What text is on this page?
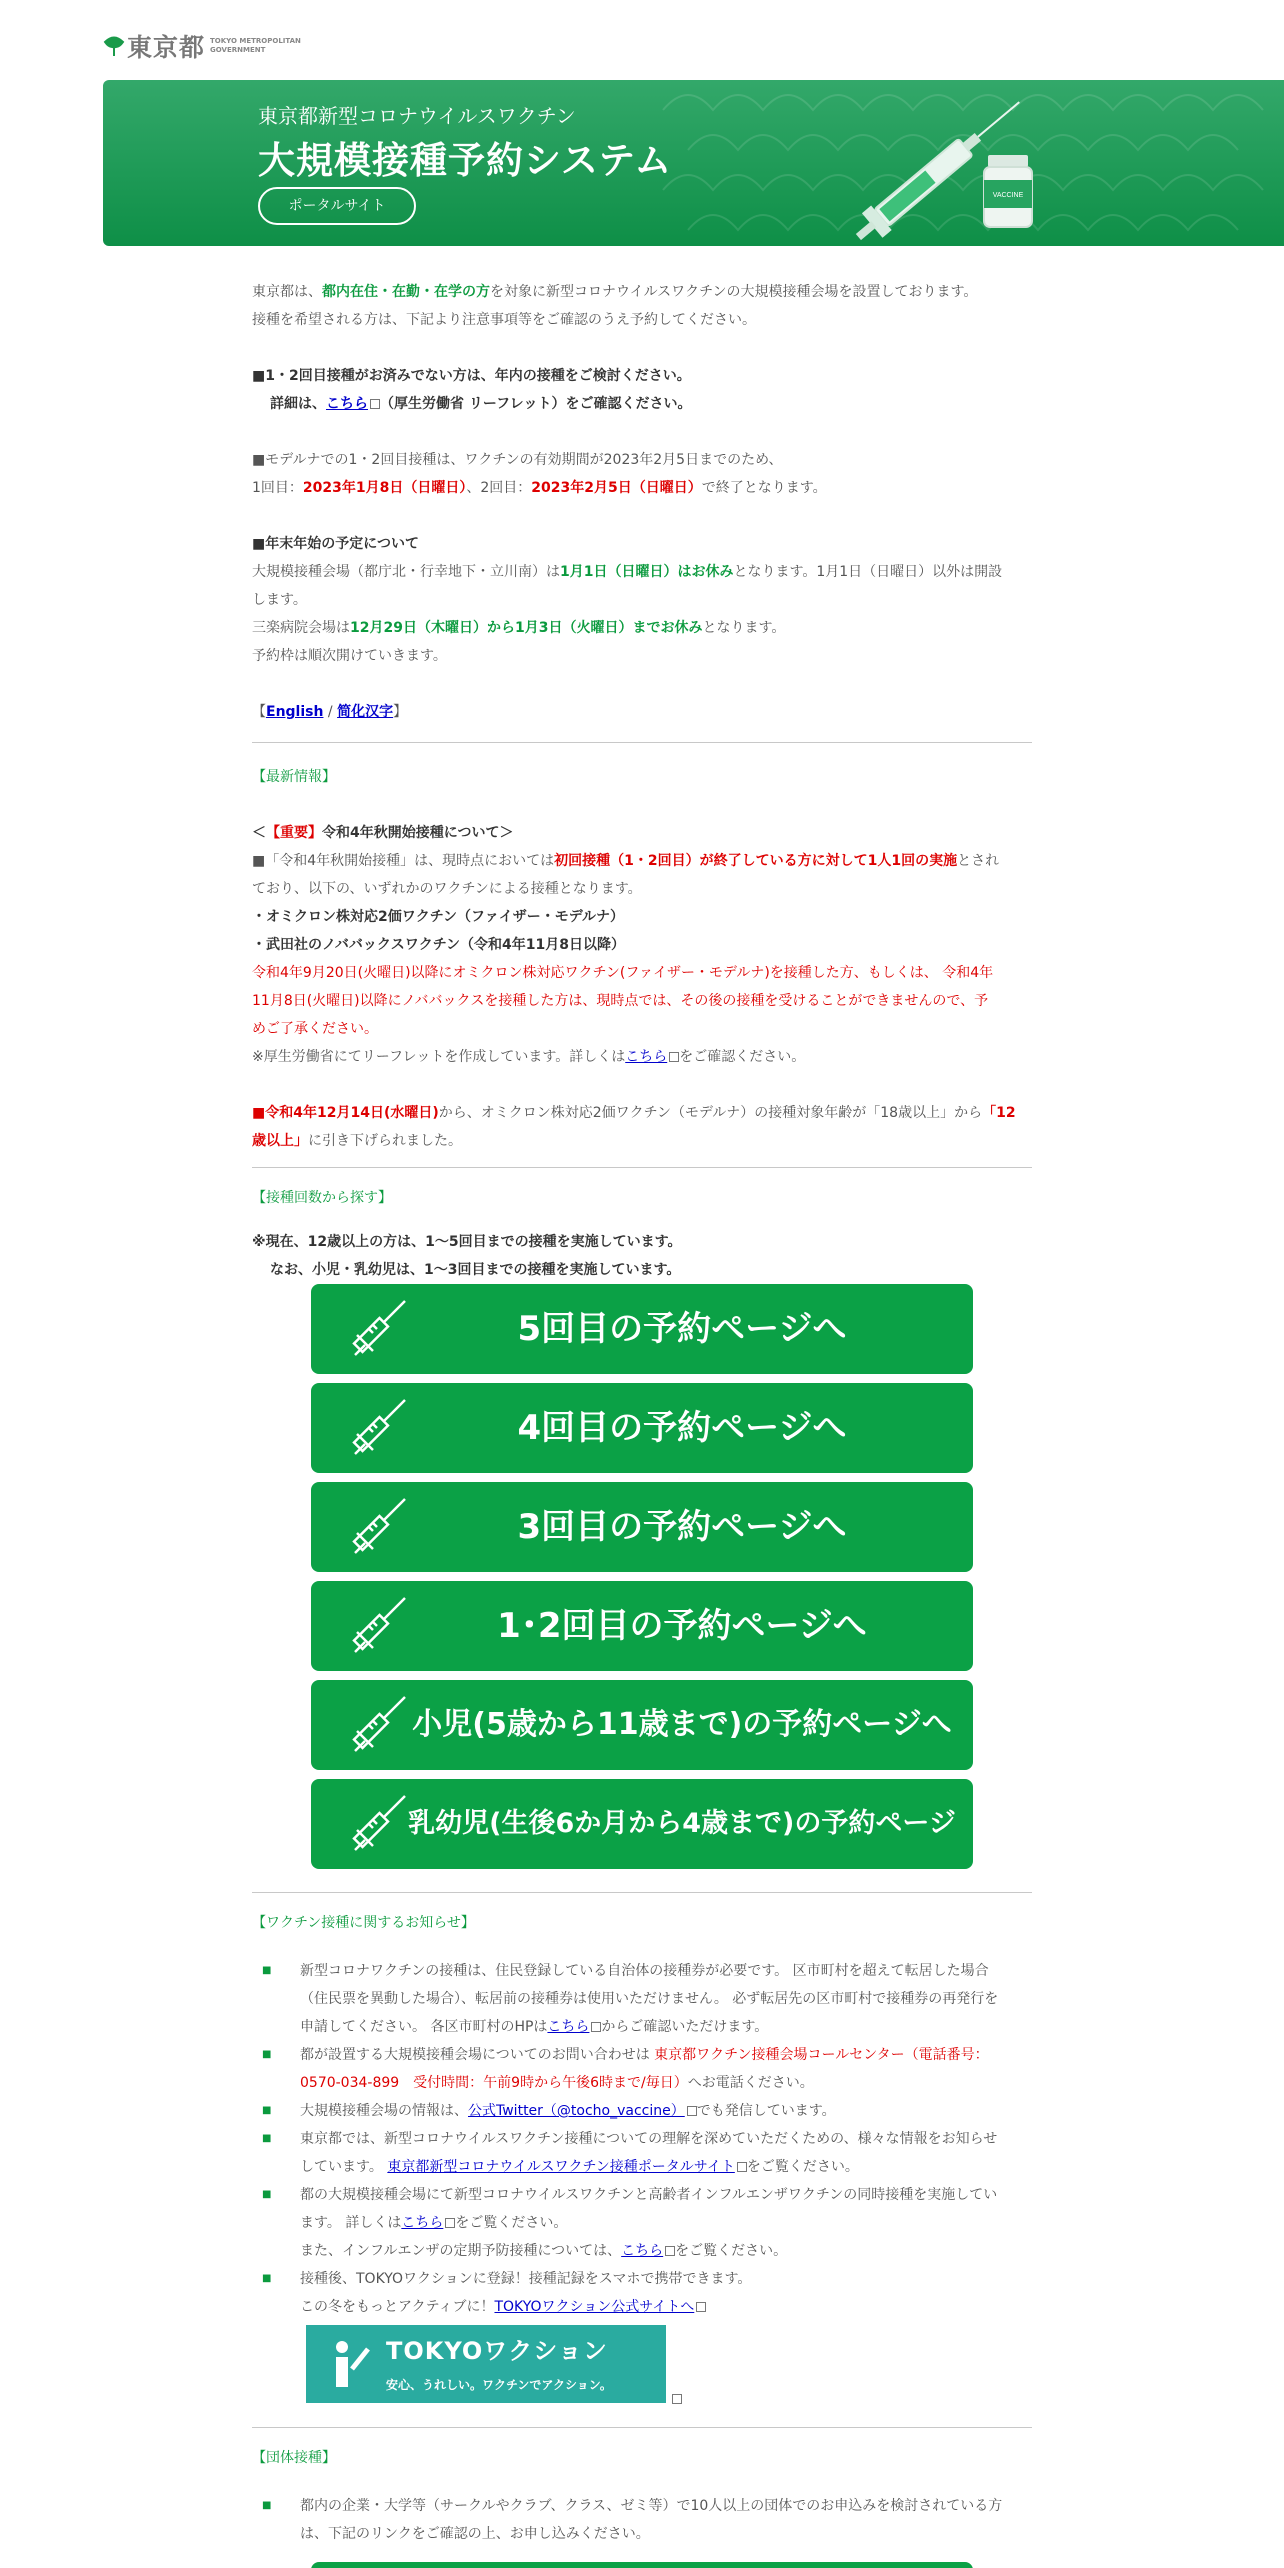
東京都 TOKYO METROPOLITAN
GOVERNMENT
東京都新型コロナウイルスワクチン
大規模接種予約システム
ポータルサイト
VACCINE
東京都は、都内在住・在勤・在学の方を対象に新型コロナウイルスワクチンの大規模接種会場を設置しております。
接種を希望される方は、下記より注意事項等をご確認のうえ予約してください。
■1・2回目接種がお済みでない方は、年内の接種をご検討ください。
詳細は、こちら （厚生労働省 リーフレット）をご確認ください。
■モデルナでの1・2回目接種は、ワクチンの有効期間が2023年2月5日までのため、
1回目：2023年1月8日（日曜日）、2回目：2023年2月5日（日曜日）で終了となります。
■年末年始の予定について
大規模接種会場（都庁北・行幸地下・立川南）は1月1日（日曜日）はお休みとなります。1月1日（日曜日）以外は開設
します。
三楽病院会場は12月29日（木曜日）から1月3日（火曜日）までお休みとなります。
予約枠は順次開けていきます。
【English / 简化汉字】
【最新情報】
＜【重要】令和4年秋開始接種について＞
■「令和4年秋開始接種」は、現時点においては初回接種（1・2回目）が終了している方に対して1人1回の実施とされ
ており、以下の、いずれかのワクチンによる接種となります。
・オミクロン株対応2価ワクチン（ファイザー・モデルナ）
・武田社のノババックスワクチン（令和4年11月8日以降）
令和4年9月20日(火曜日)以降にオミクロン株対応ワクチン(ファイザー・モデルナ)を接種した方、もしくは、 令和4年
11月8日(火曜日)以降にノババックスを接種した方は、現時点では、その後の接種を受けることができませんので、予
めご了承ください。
※厚生労働省にてリーフレットを作成しています。詳しくはこちら をご確認ください。
■令和4年12月14日(水曜日)から、オミクロン株対応2価ワクチン（モデルナ）の接種対象年齢が「18歳以上」から「12
歳以上」に引き下げられました。
【接種回数から探す】
※現在、12歳以上の方は、1〜5回目までの接種を実施しています。
なお、小児・乳幼児は、1〜3回目までの接種を実施しています。
5回目の予約ページへ
4回目の予約ページへ
3回目の予約ページへ
1･2回目の予約ページへ
小児(5歳から11歳まで)の予約ページへ
乳幼児(生後6か月から4歳まで)の予約ページへ
【ワクチン接種に関するお知らせ】
■ 新型コロナワクチンの接種は、住民登録している自治体の接種券が必要です。 区市町村を超えて転居した場合
（住民票を異動した場合）、転居前の接種券は使用いただけません。 必ず転居先の区市町村で接種券の再発行を
申請してください。 各区市町村のHPはこちら からご確認いただけます。
■ 都が設置する大規模接種会場についてのお問い合わせは 東京都ワクチン接種会場コールセンター（電話番号：
0570-034-899　受付時間：午前9時から午後6時まで/毎日）へお電話ください。
■ 大規模接種会場の情報は、公式Twitter（@tocho_vaccine） でも発信しています。
■ 東京都では、新型コロナウイルスワクチン接種についての理解を深めていただくための、様々な情報をお知らせ
しています。 東京都新型コロナウイルスワクチン接種ポータルサイト をご覧ください。
■ 都の大規模接種会場にて新型コロナウイルスワクチンと高齢者インフルエンザワクチンの同時接種を実施してい
ます。 詳しくはこちら をご覧ください。
また、インフルエンザの定期予防接種については、こちら をご覧ください。
■ 接種後、TOKYOワクションに登録！接種記録をスマホで携帯できます。
この冬をもっとアクティブに！TOKYOワクション公式サイトへ
TOKYOワクション
安心、うれしい。ワクチンでアクション。

【団体接種】
■ 都内の企業・大学等（サークルやクラブ、クラス、ゼミ等）で10人以上の団体でのお申込みを検討されている方
は、下記のリンクをご確認の上、お申し込みください。
